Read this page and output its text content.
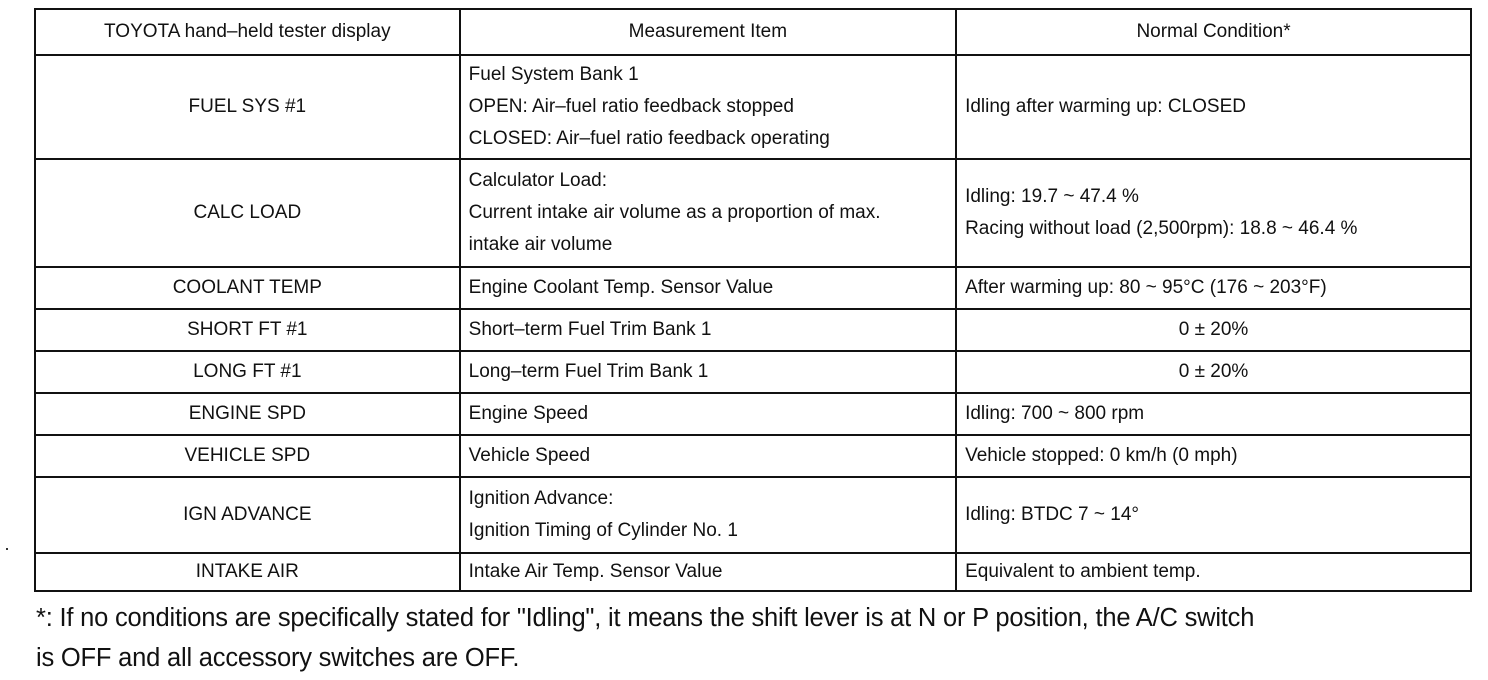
TOYOTA hand–held tester display	Measurement Item	Normal Condition*
FUEL SYS #1	Fuel System Bank 1
OPEN: Air–fuel ratio feedback stopped
CLOSED: Air–fuel ratio feedback operating	Idling after warming up: CLOSED

CALC LOAD	Calculator Load:
Current intake air volume as a proportion of max.
intake air volume	Idling: 19.7 ~ 47.4 %
Racing without load (2,500rpm): 18.8 ~ 46.4 %

COOLANT TEMP	Engine Coolant Temp. Sensor Value	After warming up: 80 ~ 95°C (176 ~ 203°F)

SHORT FT #1	Short–term Fuel Trim Bank 1	0 ± 20%

LONG FT #1	Long–term Fuel Trim Bank 1	0 ± 20%

ENGINE SPD	Engine Speed	Idling: 700 ~ 800 rpm

VEHICLE SPD	Vehicle Speed	Vehicle stopped: 0 km/h (0 mph)

IGN ADVANCE	Ignition Advance:
Ignition Timing of Cylinder No. 1	Idling: BTDC 7 ~ 14°

INTAKE AIR	Intake Air Temp. Sensor Value	Equivalent to ambient temp.
*: If no conditions are specifically stated for "Idling", it means the shift lever is at N or P position, the A/C switch
is OFF and all accessory switches are OFF.
